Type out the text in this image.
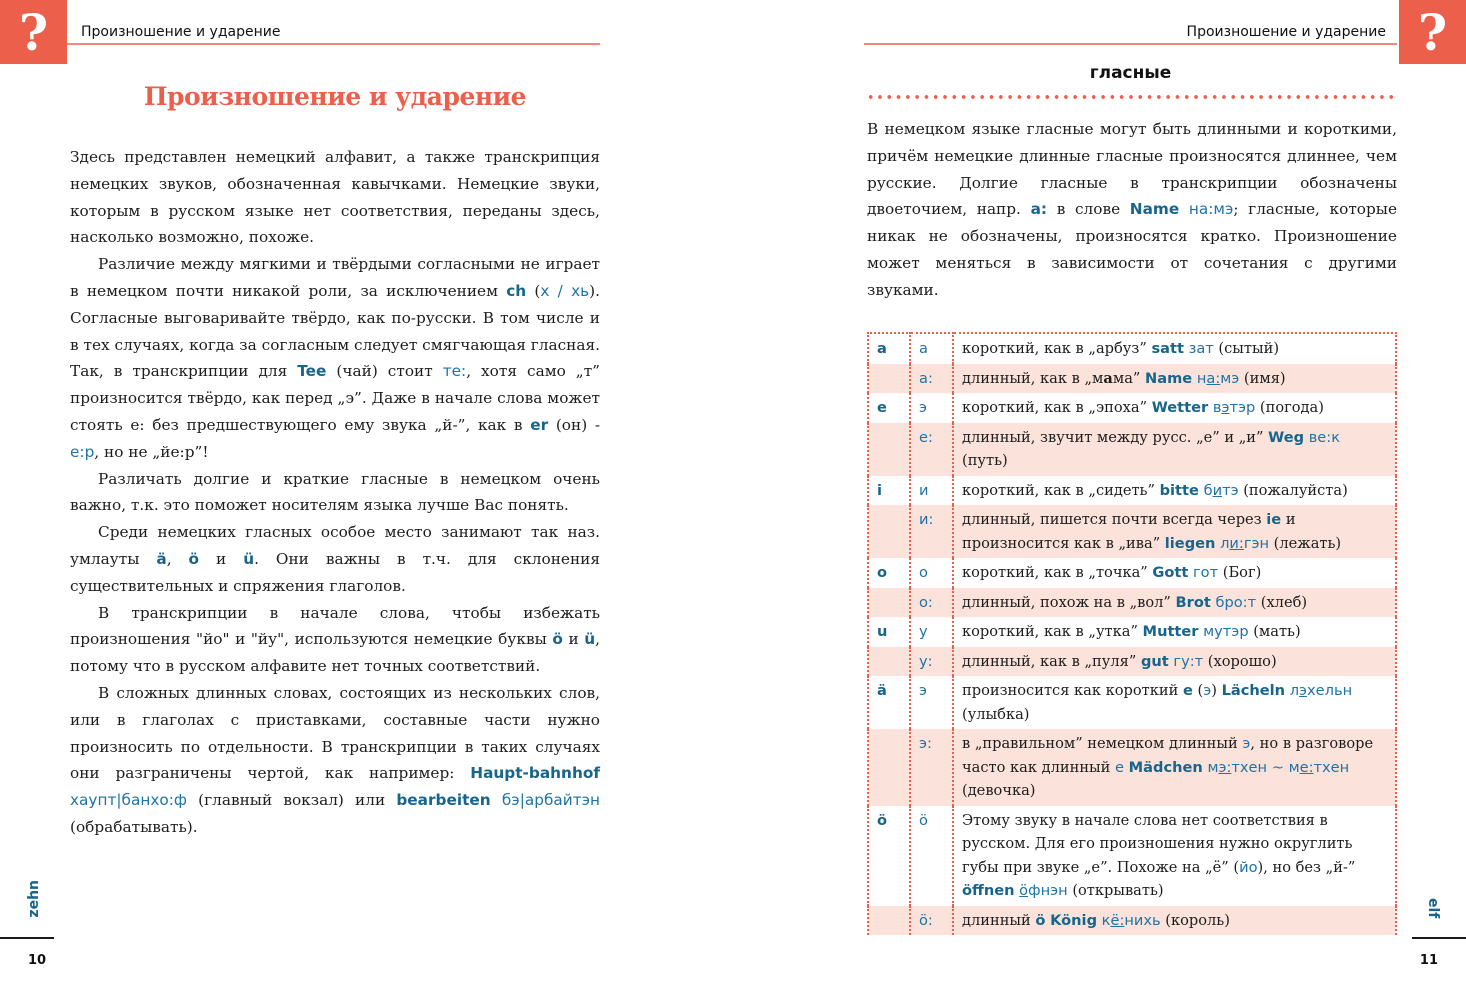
?	Произношение и ударение
Произношение и ударение

Здесь представлен немецкий алфавит, а также транскрипция немецких звуков, обозначенная кавычками. Немецкие звуки, которым в русском языке нет соответствия, переданы здесь, насколько возможно, похоже.

Различие между мягкими и твёрдыми согласными не играет в немецком почти никакой роли, за исключением ch (х / хь). Согласные выговаривайте твёрдо, как по-русски. В том числе и в тех случаях, когда за согласным следует смягчающая гласная. Так, в транскрипции для Tee (чай) стоит те:, хотя само „т” произносится твёрдо, как перед „э”. Даже в начале слова может стоять е: без предшествующего ему звука „й-”, как в er (он) - е:р, но не „йе:р”!

Различать долгие и краткие гласные в немецком очень важно, т.к. это поможет носителям языка лучше Вас понять.

Среди немецких гласных особое место занимают так наз. умлауты ä, ö и ü. Они важны в т.ч. для склонения существительных и спряжения глаголов.

В транскрипции в начале слова, чтобы избежать произношения "йо" и "йу", используются немецкие буквы ö и ü, потому что в русском алфавите нет точных соответствий.

В сложных длинных словах, состоящих из нескольких слов, или в глаголах с приставками, составные части нужно произносить по отдельности. В транскрипции в таких случаях они разграничены чертой, как например: Haupt-bahnhof хаупт|банхо:ф (главный вокзал) или bearbeiten бэ|арбайтэн (обрабатывать).

zehn
10
?
Произношение и ударение
гласные
В немецком языке гласные могут быть длинными и короткими, причём немецкие длинные гласные произносятся длиннее, чем русские. Долгие гласные в транскрипции обозначены двоеточием, напр. a: в слове Name на:мэ; гласные, которые никак не обозначены, произносятся кратко. Произношение может меняться в зависимости от сочетания с другими звуками.
a	а	короткий, как в „арбуз” satt зат (сытый)
	а:	длинный, как в „мама” Name на:мэ (имя)
e	э	короткий, как в „эпоха” Wetter вэтэр (погода)
	е:	длинный, звучит между русс. „е” и „и” Weg ве:к (путь)
i	и	короткий, как в „сидеть” bitte битэ (пожалуйста)
	и:	длинный, пишется почти всегда через ie и произносится как в „ива” liegen ли:гэн (лежать)
o	о	короткий, как в „точка” Gott гот (Бог)
	о:	длинный, похож на в „вол” Brot бро:т (хлеб)
u	у	короткий, как в „утка” Mutter мутэр (мать)
	у:	длинный, как в „пуля” gut гу:т (хорошо)
ä	э	произносится как короткий e (э) Lächeln лэхельн (улыбка)
	э:	в „правильном” немецком длинный э, но в разговоре часто как длинный е Mädchen мэ:тхен ~ ме:тхен (девочка)
ö	ö	Этому звуку в начале слова нет соответствия в русском. Для его произношения нужно округлить губы при звуке „е”. Похоже на „ё” (йо), но без „й-” öffnen öфнэн (открывать)
	ö:	длинный ö König кё:нихь (король)
elf
11
